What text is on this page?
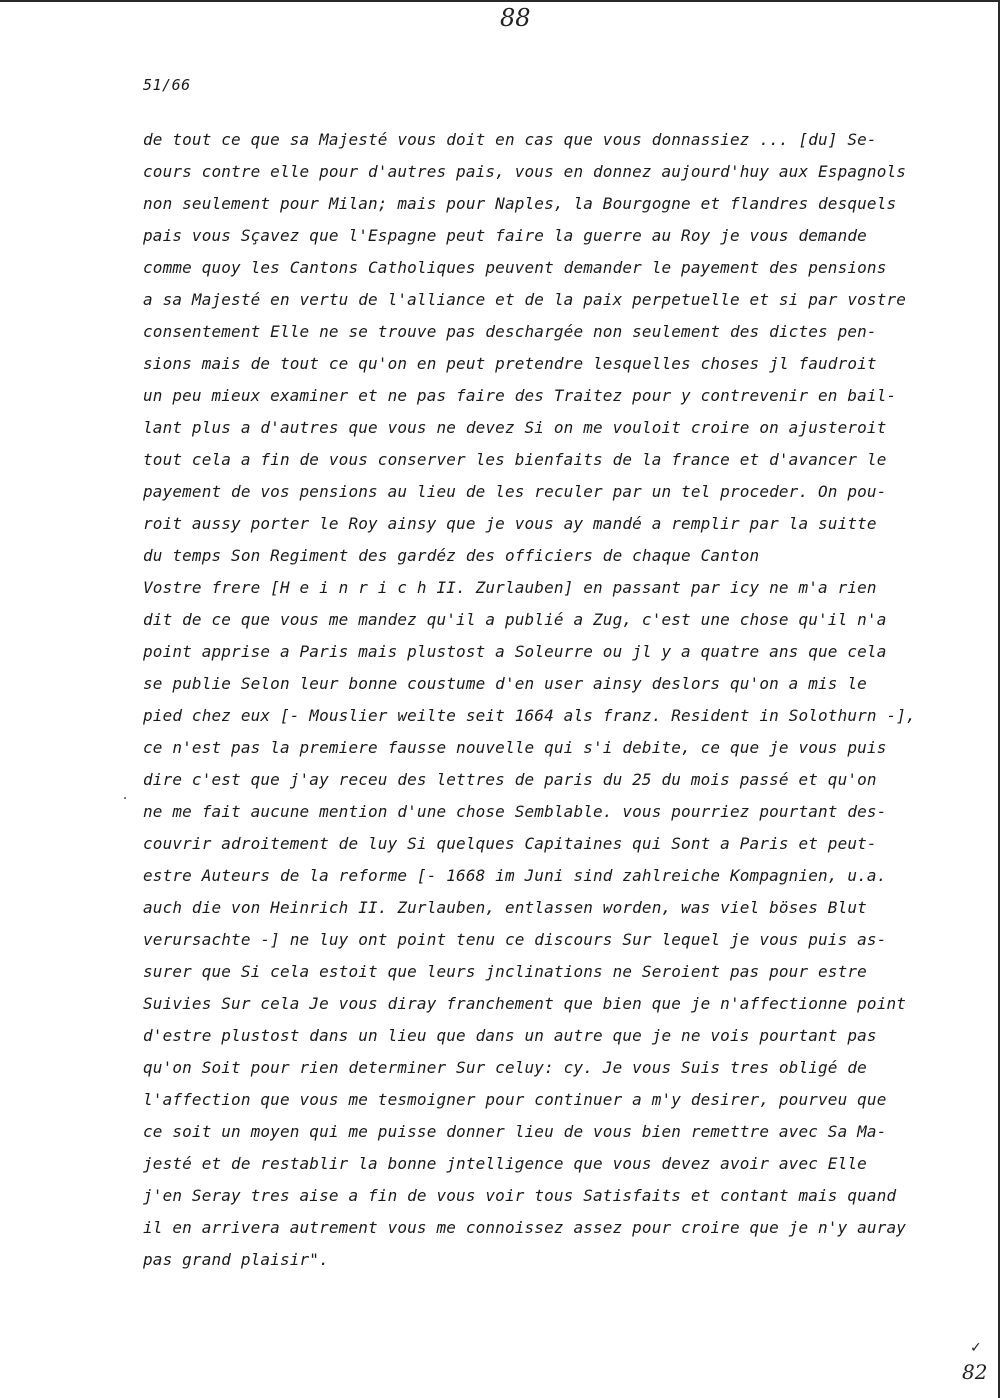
88
51/66
de tout ce que sa Majesté vous doit en cas que vous donnassiez ... [du] Se-
cours contre elle pour d'autres pais, vous en donnez aujourd'huy aux Espagnols
non seulement pour Milan; mais pour Naples, la Bourgogne et flandres desquels
pais vous Sçavez que l'Espagne peut faire la guerre au Roy je vous demande
comme quoy les Cantons Catholiques peuvent demander le payement des pensions
a sa Majesté en vertu de l'alliance et de la paix perpetuelle et si par vostre
consentement Elle ne se trouve pas deschargée non seulement des dictes pen-
sions mais de tout ce qu'on en peut pretendre lesquelles choses jl faudroit
un peu mieux examiner et ne pas faire des Traitez pour y contrevenir en bail-
lant plus a d'autres que vous ne devez Si on me vouloit croire on ajusteroit
tout cela a fin de vous conserver les bienfaits de la france et d'avancer le
payement de vos pensions au lieu de les reculer par un tel proceder. On pou-
roit aussy porter le Roy ainsy que je vous ay mandé a remplir par la suitte
du temps Son Regiment des gardéz des officiers de chaque Canton
Vostre frere [H e i n r i c h II. Zurlauben] en passant par icy ne m'a rien
dit de ce que vous me mandez qu'il a publié a Zug, c'est une chose qu'il n'a
point apprise a Paris mais plustost a Soleurre ou jl y a quatre ans que cela
se publie Selon leur bonne coustume d'en user ainsy deslors qu'on a mis le
pied chez eux [- Mouslier weilte seit 1664 als franz. Resident in Solothurn -],
ce n'est pas la premiere fausse nouvelle qui s'i debite, ce que je vous puis
dire c'est que j'ay receu des lettres de paris du 25 du mois passé et qu'on
ne me fait aucune mention d'une chose Semblable. vous pourriez pourtant des-
couvrir adroitement de luy Si quelques Capitaines qui Sont a Paris et peut-
estre Auteurs de la reforme [- 1668 im Juni sind zahlreiche Kompagnien, u.a.
auch die von Heinrich II. Zurlauben, entlassen worden, was viel böses Blut
verursachte -] ne luy ont point tenu ce discours Sur lequel je vous puis as-
surer que Si cela estoit que leurs jnclinations ne Seroient pas pour estre
Suivies Sur cela Je vous diray franchement que bien que je n'affectionne point
d'estre plustost dans un lieu que dans un autre que je ne vois pourtant pas
qu'on Soit pour rien determiner Sur celuy: cy. Je vous Suis tres obligé de
l'affection que vous me tesmoigner pour continuer a m'y desirer, pourveu que
ce soit un moyen qui me puisse donner lieu de vous bien remettre avec Sa Ma-
jesté et de restablir la bonne jntelligence que vous devez avoir avec Elle
j'en Seray tres aise a fin de vous voir tous Satisfaits et contant mais quand
il en arrivera autrement vous me connoissez assez pour croire que je n'y auray
pas grand plaisir".
✓
82
